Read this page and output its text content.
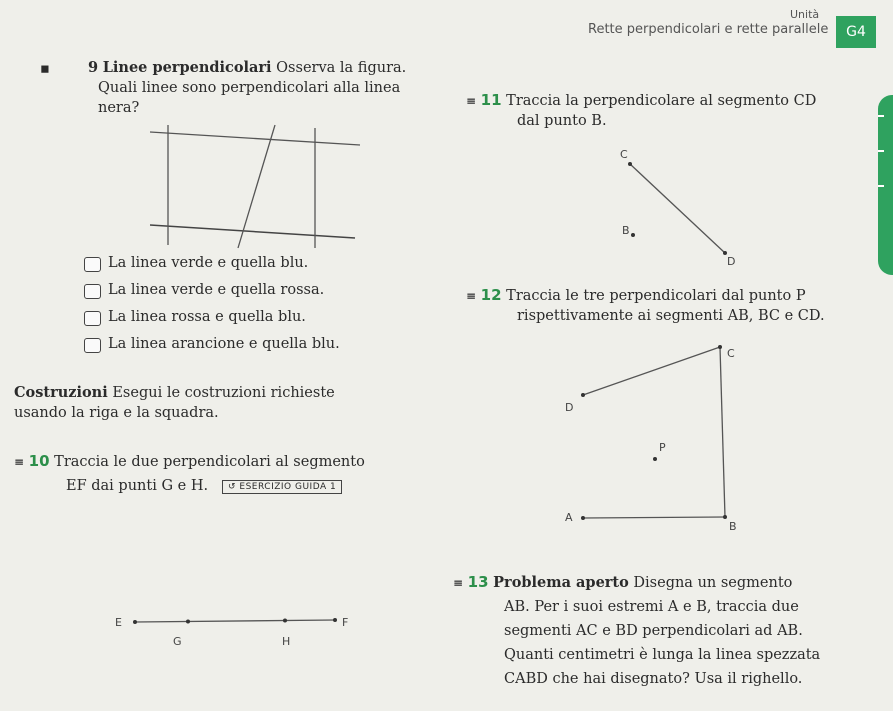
Unità
Rette perpendicolari e rette parallele	G4
▪	9 Linee perpendicolari Osserva la figura.
Quali linee sono perpendicolari alla linea
nera?
La linea verde e quella blu.
La linea verde e quella rossa.
La linea rossa e quella blu.
La linea arancione e quella blu.
Costruzioni Esegui le costruzioni richieste
usando la riga e la squadra.
≡ 10 Traccia le due perpendicolari al segmento
EF dai punti G e H.	↺ ESERCIZIO GUIDA 1
E	F
G	H
≡ 11 Traccia la perpendicolare al segmento CD
dal punto B.
C
B
D
≡ 12 Traccia le tre perpendicolari dal punto P
rispettivamente ai segmenti AB, BC e CD.
C
D
P
A
B
≡ 13 Problema aperto Disegna un segmento
AB. Per i suoi estremi A e B, traccia due
segmenti AC e BD perpendicolari ad AB.
Quanti centimetri è lunga la linea spezzata
CABD che hai disegnato? Usa il righello.
